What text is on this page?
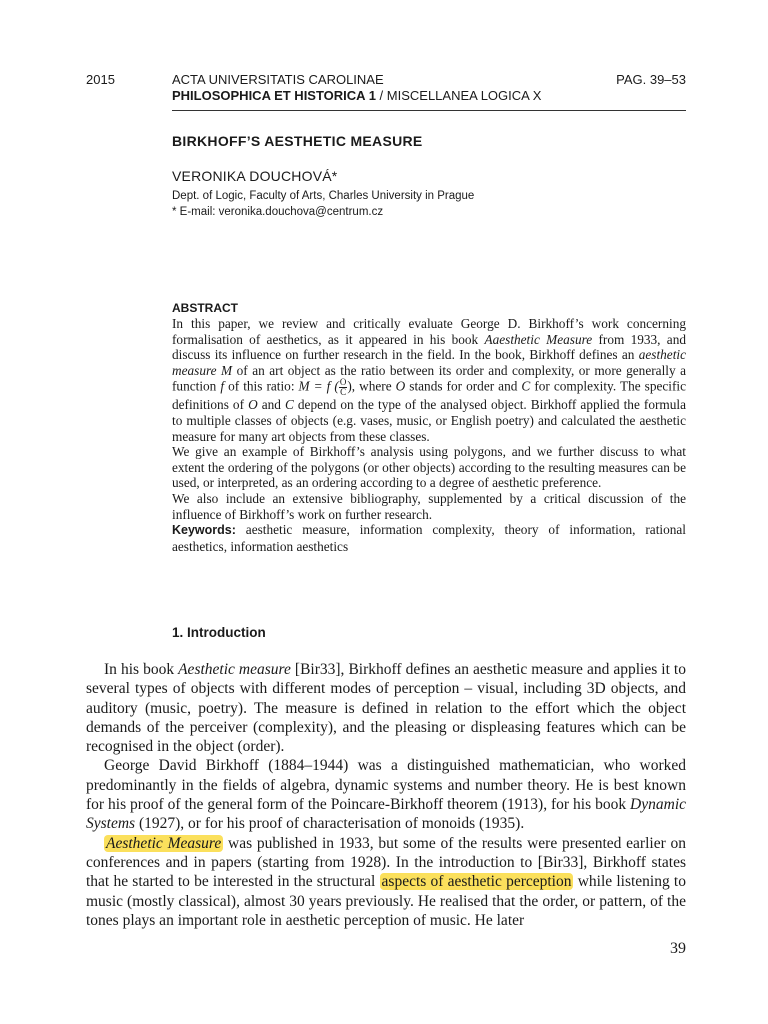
2015	ACTA UNIVERSITATIS CAROLINAE
PHILOSOPHICA ET HISTORICA 1 / MISCELLANEA LOGICA X
PAG. 39–53
BIRKHOFF’S AESTHETIC MEASURE
VERONIKA DOUCHOVÁ*
Dept. of Logic, Faculty of Arts, Charles University in Prague
* E-mail: veronika.douchova@centrum.cz
ABSTRACT

In this paper, we review and critically evaluate George D. Birkhoff’s work concerning formalisation of aesthetics, as it appeared in his book Aaesthetic Measure from 1933, and discuss its influence on further research in the field. In the book, Birkhoff defines an aesthetic measure M of an art object as the ratio between its order and complexity, or more generally a function f of this ratio: M = f ( $\frac{O}{C}$ ), where O stands for order and C for complexity. The specific definitions of O and C depend on the type of the analysed object. Birkhoff applied the formula to multiple classes of objects (e.g. vases, music, or English poetry) and calculated the aesthetic measure for many art objects from these classes.

We give an example of Birkhoff’s analysis using polygons, and we further discuss to what extent the ordering of the polygons (or other objects) according to the resulting measures can be used, or interpreted, as an ordering according to a degree of aesthetic preference.

We also include an extensive bibliography, supplemented by a critical discussion of the influence of Birkhoff’s work on further research.

Keywords: aesthetic measure, information complexity, theory of information, rational aesthetics, information aesthetics

1. Introduction

In his book Aesthetic measure [Bir33], Birkhoff defines an aesthetic measure and applies it to several types of objects with different modes of perception – visual, including 3D objects, and auditory (music, poetry). The measure is defined in relation to the effort which the object demands of the perceiver (complexity), and the pleasing or displeasing features which can be recognised in the object (order).

George David Birkhoff (1884–1944) was a distinguished mathematician, who worked predominantly in the fields of algebra, dynamic systems and number theory. He is best known for his proof of the general form of the Poincare-Birkhoff theorem (1913), for his book Dynamic Systems (1927), or for his proof of characterisation of monoids (1935).

Aesthetic Measure was published in 1933, but some of the results were presented earlier on conferences and in papers (starting from 1928). In the introduction to [Bir33], Birkhoff states that he started to be interested in the structural aspects of aesthetic perception while listening to music (mostly classical), almost 30 years previously. He realised that the order, or pattern, of the tones plays an important role in aesthetic perception of music. He later

39
